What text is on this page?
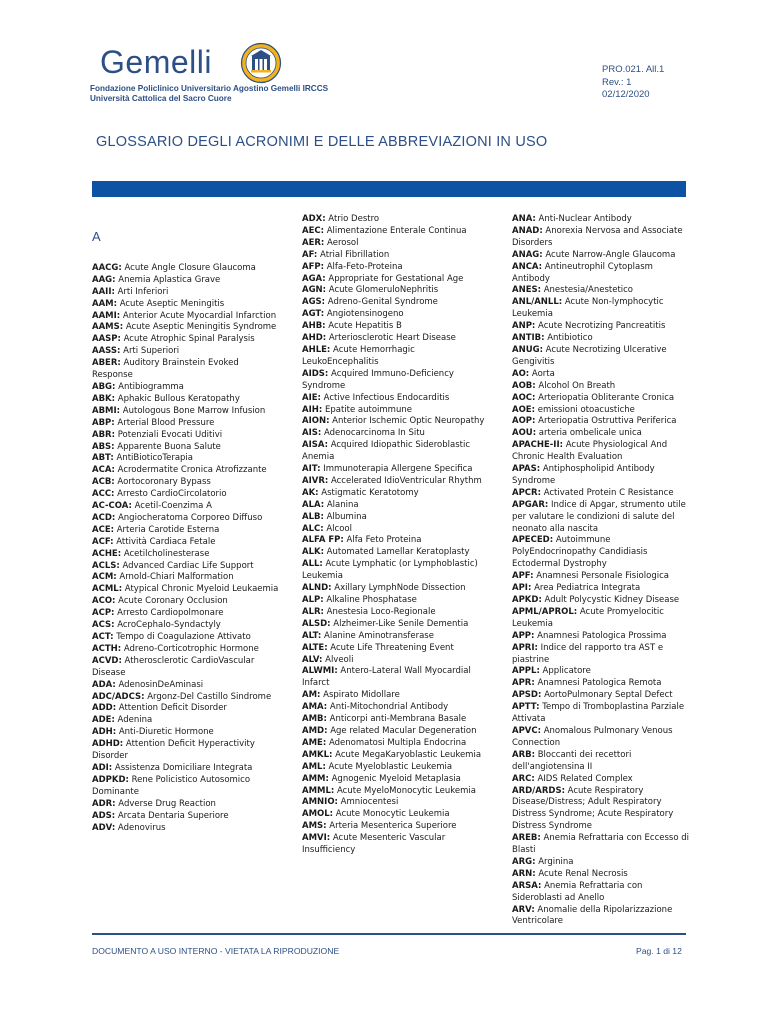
Gemelli
Fondazione Policlinico Universitario Agostino Gemelli IRCCS
Università Cattolica del Sacro Cuore
PRO.021. All.1
Rev.: 1
02/12/2020
GLOSSARIO DEGLI ACRONIMI E DELLE ABBREVIAZIONI IN USO
A
AACG: Acute Angle Closure Glaucoma
AAG: Anemia Aplastica Grave
AAII: Arti Inferiori
AAM: Acute Aseptic Meningitis
AAMI: Anterior Acute Myocardial Infarction
AAMS: Acute Aseptic Meningitis Syndrome
AASP: Acute Atrophic Spinal Paralysis
AASS: Arti Superiori
ABER: Auditory Brainstein Evoked Response
ABG: Antibiogramma
ABK: Aphakic Bullous Keratopathy
ABMI: Autologous Bone Marrow Infusion
ABP: Arterial Blood Pressure
ABR: Potenziali Evocati Uditivi
ABS: Apparente Buona Salute
ABT: AntiBioticoTerapia
ACA: Acrodermatite Cronica Atrofizzante
ACB: Aortocoronary Bypass
ACC: Arresto CardioCircolatorio
AC-COA: Acetil-Coenzima A
ACD: Angiocheratoma Corporeo Diffuso
ACE: Arteria Carotide Esterna
ACF: Attività Cardiaca Fetale
ACHE: Acetilcholinesterase
ACLS: Advanced Cardiac Life Support
ACM: Arnold-Chiari Malformation
ACML: Atypical Chronic Myeloid Leukaemia
ACO: Acute Coronary Occlusion
ACP: Arresto Cardiopolmonare
ACS: AcroCephalo-Syndactyly
ACT: Tempo di Coagulazione Attivato
ACTH: Adreno-Corticotrophic Hormone
ACVD: Atherosclerotic CardioVascular Disease
ADA: AdenosinDeAminasi
ADC/ADCS: Argonz-Del Castillo Sindrome
ADD: Attention Deficit Disorder
ADE: Adenina
ADH: Anti-Diuretic Hormone
ADHD: Attention Deficit Hyperactivity Disorder
ADI: Assistenza Domiciliare Integrata
ADPKD: Rene Policistico Autosomico Dominante
ADR: Adverse Drug Reaction
ADS: Arcata Dentaria Superiore
ADV: Adenovirus
ADX: Atrio Destro
AEC: Alimentazione Enterale Continua
AER: Aerosol
AF: Atrial Fibrillation
AFP: Alfa-Feto-Proteina
AGA: Appropriate for Gestational Age
AGN: Acute GlomeruloNephritis
AGS: Adreno-Genital Syndrome
AGT: Angiotensinogeno
AHB: Acute Hepatitis B
AHD: Arteriosclerotic Heart Disease
AHLE: Acute Hemorrhagic LeukoEncephalitis
AIDS: Acquired Immuno-Deficiency Syndrome
AIE: Active Infectious Endocarditis
AIH: Epatite autoimmune
AION: Anterior Ischemic Optic Neuropathy
AIS: Adenocarcinoma In Situ
AISA: Acquired Idiopathic Sideroblastic Anemia
AIT: Immunoterapia Allergene Specifica
AIVR: Accelerated IdioVentricular Rhythm
AK: Astigmatic Keratotomy
ALA: Alanina
ALB: Albumina
ALC: Alcool
ALFA FP: Alfa Feto Proteina
ALK: Automated Lamellar Keratoplasty
ALL: Acute Lymphatic (or Lymphoblastic) Leukemia
ALND: Axillary LymphNode Dissection
ALP: Alkaline Phosphatase
ALR: Anestesia Loco-Regionale
ALSD: Alzheimer-Like Senile Dementia
ALT: Alanine Aminotransferase
ALTE: Acute Life Threatening Event
ALV: Alveoli
ALWMI: Antero-Lateral Wall Myocardial Infarct
AM: Aspirato Midollare
AMA: Anti-Mitochondrial Antibody
AMB: Anticorpi anti-Membrana Basale
AMD: Age related Macular Degeneration
AME: Adenomatosi Multipla Endocrina
AMKL: Acute MegaKaryoblastic Leukemia
AML: Acute Myeloblastic Leukemia
AMM: Agnogenic Myeloid Metaplasia
AMML: Acute MyeloMonocytic Leukemia
AMNIO: Amniocentesi
AMOL: Acute Monocytic Leukemia
AMS: Arteria Mesenterica Superiore
AMVI: Acute Mesenteric Vascular Insufficiency
ANA: Anti-Nuclear Antibody
ANAD: Anorexia Nervosa and Associate Disorders
ANAG: Acute Narrow-Angle Glaucoma
ANCA: Antineutrophil Cytoplasm Antibody
ANES: Anestesia/Anestetico
ANL/ANLL: Acute Non-lymphocytic Leukemia
ANP: Acute Necrotizing Pancreatitis
ANTIB: Antibiotico
ANUG: Acute Necrotizing Ulcerative Gengivitis
AO: Aorta
AOB: Alcohol On Breath
AOC: Arteriopatia Obliterante Cronica
AOE: emissioni otoacustiche
AOP: Arteriopatia Ostruttiva Periferica
AOU: arteria ombelicale unica
APACHE-II: Acute Physiological And Chronic Health Evaluation
APAS: Antiphospholipid Antibody Syndrome
APCR: Activated Protein C Resistance
APGAR: Indice di Apgar, strumento utile per valutare le condizioni di salute del neonato alla nascita
APECED: Autoimmune PolyEndocrinopathy Candidiasis Ectodermal Dystrophy
APF: Anamnesi Personale Fisiologica
API: Area Pediatrica Integrata
APKD: Adult Polycystic Kidney Disease
APML/APROL: Acute Promyelocitic Leukemia
APP: Anamnesi Patologica Prossima
APRI: Indice del rapporto tra AST e piastrine
APPL: Applicatore
APR: Anamnesi Patologica Remota
APSD: AortoPulmonary Septal Defect
APTT: Tempo di Tromboplastina Parziale Attivata
APVC: Anomalous Pulmonary Venous Connection
ARB: Bloccanti dei recettori dell'angiotensina II
ARC: AIDS Related Complex
ARD/ARDS: Acute Respiratory Disease/Distress; Adult Respiratory Distress Syndrome; Acute Respiratory Distress Syndrome
AREB: Anemia Refrattaria con Eccesso di Blasti
ARG: Arginina
ARN: Acute Renal Necrosis
ARSA: Anemia Refrattaria con Sideroblasti ad Anello
ARV: Anomalie della Ripolarizzazione Ventricolare
DOCUMENTO A USO INTERNO - VIETATA LA RIPRODUZIONE	Pag. 1 di 12
